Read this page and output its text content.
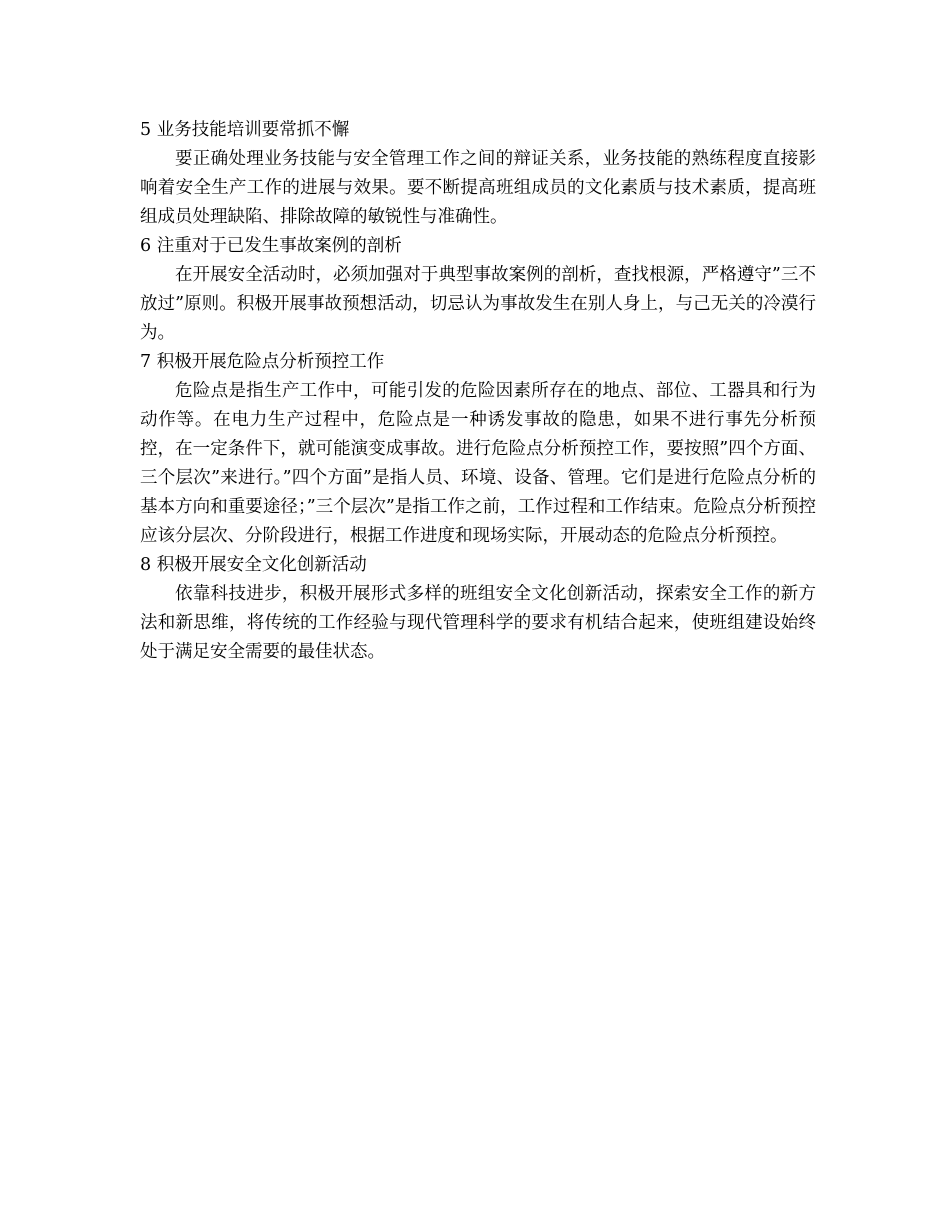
5 业务技能培训要常抓不懈

要正确处理业务技能与安全管理工作之间的辩证关系，业务技能的熟练程度直接影响着安全生产工作的进展与效果。要不断提高班组成员的文化素质与技术素质，提高班组成员处理缺陷、排除故障的敏锐性与准确性。

6 注重对于已发生事故案例的剖析

在开展安全活动时，必须加强对于典型事故案例的剖析，查找根源，严格遵守”三不放过”原则。积极开展事故预想活动，切忌认为事故发生在别人身上，与己无关的冷漠行为。

7 积极开展危险点分析预控工作

危险点是指生产工作中，可能引发的危险因素所存在的地点、部位、工器具和行为动作等。在电力生产过程中，危险点是一种诱发事故的隐患，如果不进行事先分析预控，在一定条件下，就可能演变成事故。进行危险点分析预控工作，要按照”四个方面、三个层次”来进行。”四个方面”是指人员、环境、设备、管理。它们是进行危险点分析的基本方向和重要途径；”三个层次”是指工作之前，工作过程和工作结束。危险点分析预控应该分层次、分阶段进行，根据工作进度和现场实际，开展动态的危险点分析预控。

8 积极开展安全文化创新活动

依靠科技进步，积极开展形式多样的班组安全文化创新活动，探索安全工作的新方法和新思维，将传统的工作经验与现代管理科学的要求有机结合起来，使班组建设始终处于满足安全需要的最佳状态。
